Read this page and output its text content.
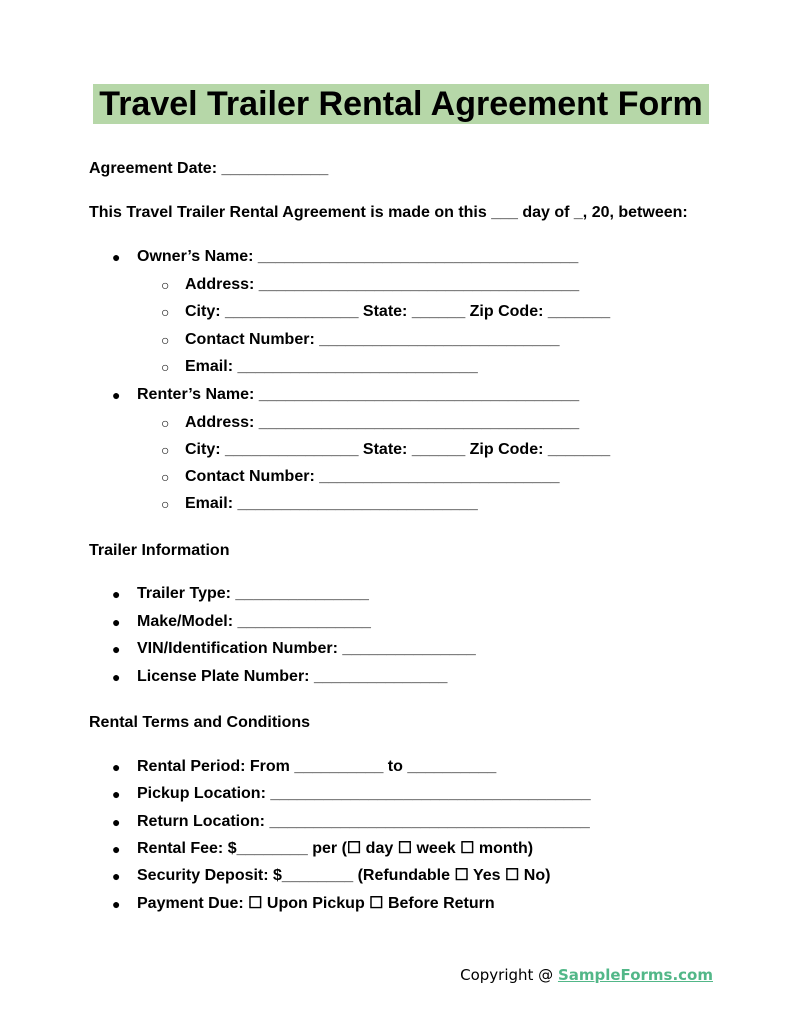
Travel Trailer Rental Agreement Form
Agreement Date: ____________
This Travel Trailer Rental Agreement is made on this ___ day of _, 20, between:
● Owner’s Name: ____________________________________
○ Address: ____________________________________
○ City: _______________ State: ______ Zip Code: _______
○ Contact Number: ___________________________
○ Email: ___________________________
● Renter’s Name: ____________________________________
○ Address: ____________________________________
○ City: _______________ State: ______ Zip Code: _______
○ Contact Number: ___________________________
○ Email: ___________________________
Trailer Information
● Trailer Type: _______________
● Make/Model: _______________
● VIN/Identification Number: _______________
● License Plate Number: _______________
Rental Terms and Conditions
● Rental Period: From __________ to __________
● Pickup Location: ____________________________________
● Return Location: ____________________________________
● Rental Fee: $________ per (☐ day ☐ week ☐ month)
● Security Deposit: $________ (Refundable ☐ Yes ☐ No)
● Payment Due: ☐ Upon Pickup ☐ Before Return
Copyright @ SampleForms.com
